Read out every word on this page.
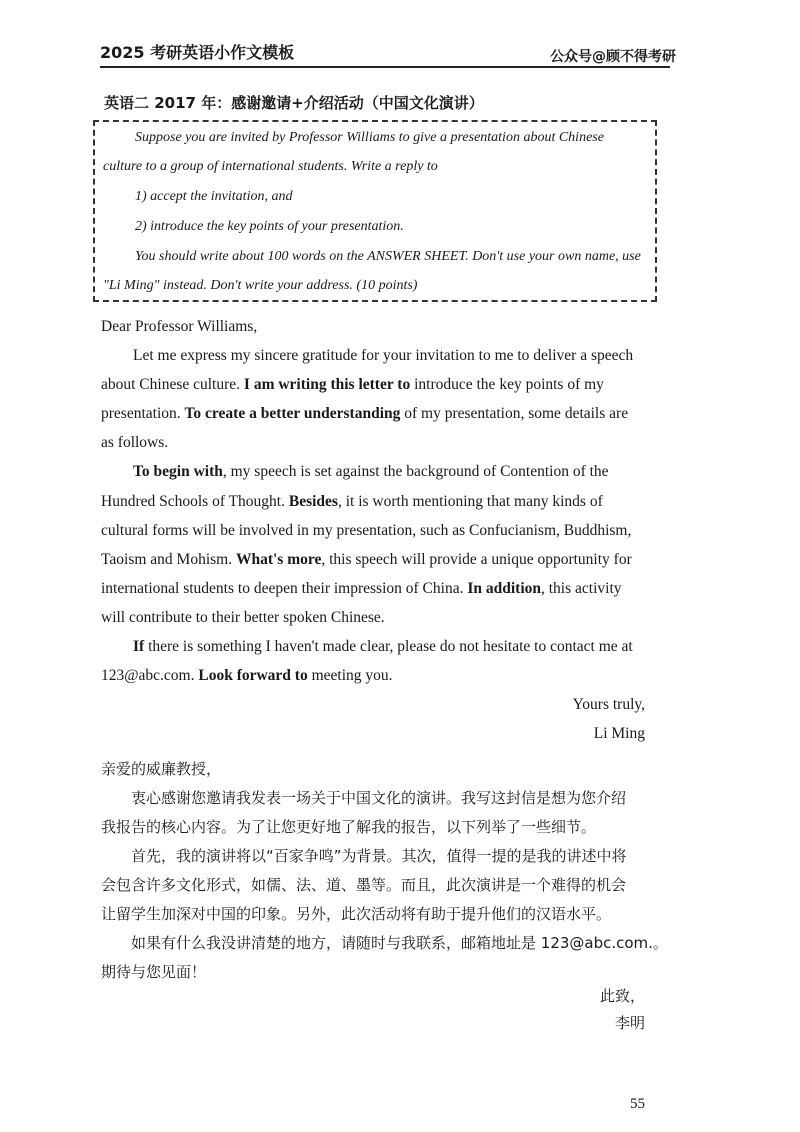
2025 考研英语小作文模板	公众号@顾不得考研
英语二 2017 年：感谢邀请+介绍活动（中国文化演讲）

Suppose you are invited by Professor Williams to give a presentation about Chinese

culture to a group of international students. Write a reply to

1) accept the invitation, and

2) introduce the key points of your presentation.

You should write about 100 words on the ANSWER SHEET. Don't use your own name, use

"Li Ming" instead. Don't write your address. (10 points)

Dear Professor Williams,
Let me express my sincere gratitude for your invitation to me to deliver a speech
about Chinese culture. I am writing this letter to introduce the key points of my
presentation. To create a better understanding of my presentation, some details are
as follows.
To begin with, my speech is set against the background of Contention of the
Hundred Schools of Thought. Besides, it is worth mentioning that many kinds of
cultural forms will be involved in my presentation, such as Confucianism, Buddhism,
Taoism and Mohism. What's more, this speech will provide a unique opportunity for
international students to deepen their impression of China. In addition, this activity
will contribute to their better spoken Chinese.
If there is something I haven't made clear, please do not hesitate to contact me at
123@abc.com. Look forward to meeting you.
Yours truly,
Li Ming
亲爱的威廉教授，
衷心感谢您邀请我发表一场关于中国文化的演讲。我写这封信是想为您介绍
我报告的核心内容。为了让您更好地了解我的报告，以下列举了一些细节。
首先，我的演讲将以“百家争鸣”为背景。其次，值得一提的是我的讲述中将
会包含许多文化形式，如儒、法、道、墨等。而且，此次演讲是一个难得的机会
让留学生加深对中国的印象。另外，此次活动将有助于提升他们的汉语水平。
如果有什么我没讲清楚的地方，请随时与我联系，邮箱地址是 123@abc.com.。
期待与您见面！
此致，
李明
55
